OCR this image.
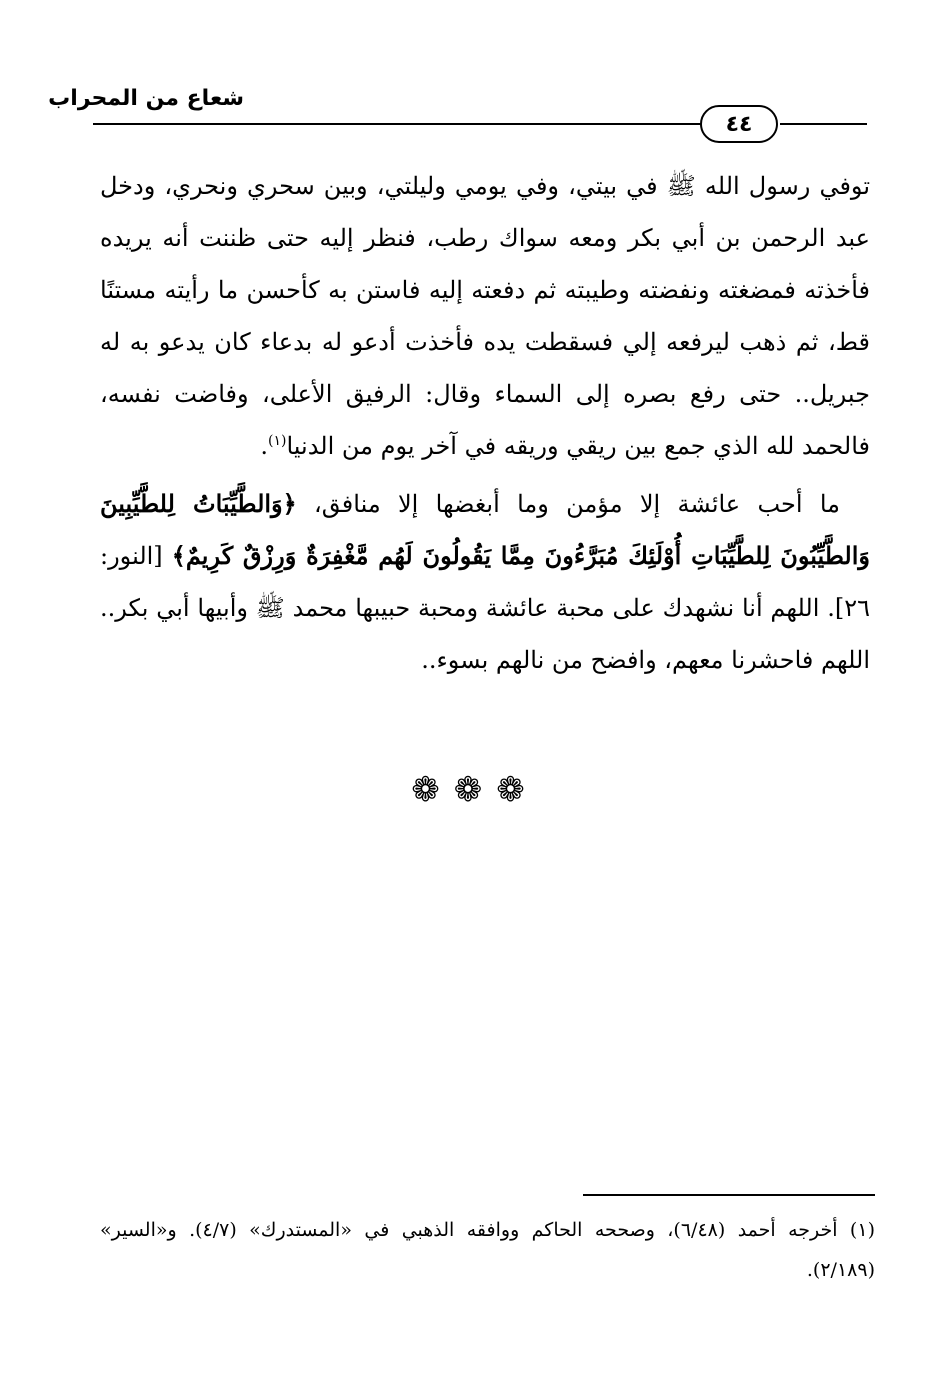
شعاع من المحراب
٤٤

توفي رسول الله ﷺ في بيتي، وفي يومي وليلتي، وبين سحري ونحري، ودخل عبد الرحمن بن أبي بكر ومعه سواك رطب، فنظر إليه حتى ظننت أنه يريده فأخذته فمضغته ونفضته وطيبته ثم دفعته إليه فاستن به كأحسن ما رأيته مستنًا قط، ثم ذهب ليرفعه إلي فسقطت يده فأخذت أدعو له بدعاء كان يدعو به له جبريل.. حتى رفع بصره إلى السماء وقال: الرفيق الأعلى، وفاضت نفسه، فالحمد لله الذي جمع بين ريقي وريقه في آخر يوم من الدنيا$^{(١)}$.

ما أحب عائشة إلا مؤمن وما أبغضها إلا منافق، ﴿وَالطَّيِّبَاتُ لِلطَّيِّبِينَ وَالطَّيِّبُونَ لِلطَّيِّبَاتِ أُوْلَئِكَ مُبَرَّءُونَ مِمَّا يَقُولُونَ لَهُم مَّغْفِرَةٌ وَرِزْقٌ كَرِيمٌ﴾ [النور: ٢٦]. اللهم أنا نشهدك على محبة عائشة ومحبة حبيبها محمد ﷺ وأبيها أبي بكر.. اللهم فاحشرنا معهم، وافضح من نالهم بسوء..

❁❁❁

(١) أخرجه أحمد (٦/٤٨)، وصححه الحاكم ووافقه الذهبي في «المستدرك» (٤/٧). و«السير» (٢/١٨٩).
